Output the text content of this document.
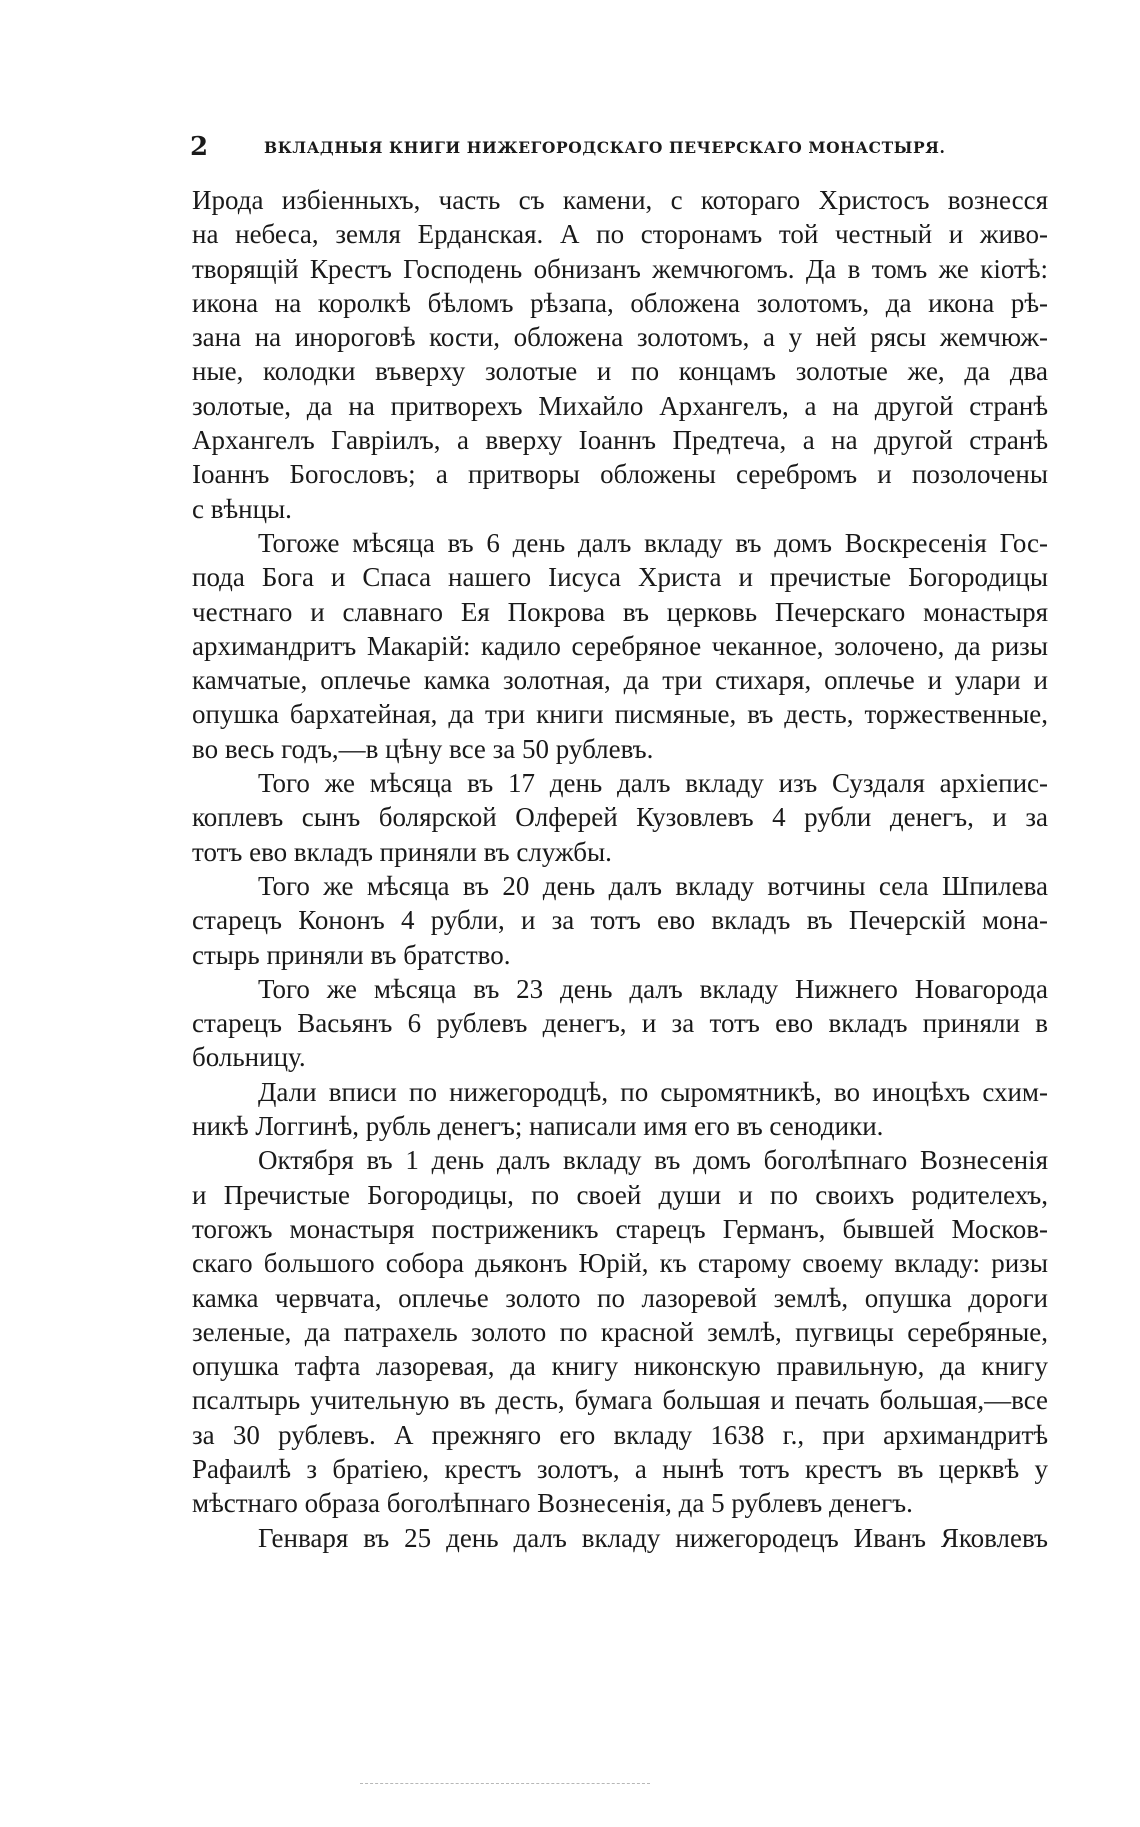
2	ВКЛАДНЫЯ КНИГИ НИЖЕГОРОДСКАГО ПЕЧЕРСКАГО МОНАСТЫРЯ.
Ирода избіенныхъ, часть съ камени, с котораго Христосъ вознесся
на небеса, земля Ерданская. А по сторонамъ той честный и живо-
творящій Крестъ Господень обнизанъ жемчюгомъ. Да в томъ же кіотѣ:
икона на королкѣ бѣломъ рѣзапа, обложена золотомъ, да икона рѣ-
зана на инороговѣ кости, обложена золотомъ, а у ней рясы жемчюж-
ные, колодки въверху золотые и по концамъ золотые же, да два
золотые, да на притворехъ Михайло Архангелъ, а на другой странѣ
Архангелъ Гавріилъ, а вверху Іоаннъ Предтеча, а на другой странѣ
Іоаннъ Богословъ; а притворы обложены серебромъ и позолочены
с вѣнцы.
Тогоже мѣсяца въ 6 день далъ вкладу въ домъ Воскресенія Гос-
пода Бога и Спаса нашего Іисуса Христа и пречистые Богородицы
честнаго и славнаго Ея Покрова въ церковь Печерскаго монастыря
архимандритъ Макарій: кадило серебряное чеканное, золочено, да ризы
камчатые, оплечье камка золотная, да три стихаря, оплечье и улари и
опушка бархатейная, да три книги писмяные, въ десть, торжественные,
во весь годъ,—в цѣну все за 50 рублевъ.
Того же мѣсяца въ 17 день далъ вкладу изъ Суздаля архіепис-
коплевъ сынъ болярской Олферей Кузовлевъ 4 рубли денегъ, и за
тотъ ево вкладъ приняли въ службы.
Того же мѣсяца въ 20 день далъ вкладу вотчины села Шпилева
старецъ Кононъ 4 рубли, и за тотъ ево вкладъ въ Печерскій мона-
стырь приняли въ братство.
Того же мѣсяца въ 23 день далъ вкладу Нижнего Новагорода
старецъ Васьянъ 6 рублевъ денегъ, и за тотъ ево вкладъ приняли в
больницу.
Дали вписи по нижегородцѣ, по сыромятникѣ, во иноцѣхъ схим-
никѣ Логгинѣ, рубль денегъ; написали имя его въ сенодики.
Октября въ 1 день далъ вкладу въ домъ боголѣпнаго Вознесенія
и Пречистые Богородицы, по своей души и по своихъ родителехъ,
тогожъ монастыря постриженикъ старецъ Германъ, бывшей Москов-
скаго большого собора дьяконъ Юрій, къ старому своему вкладу: ризы
камка червчата, оплечье золото по лазоревой землѣ, опушка дороги
зеленые, да патрахель золото по красной землѣ, пугвицы серебряные,
опушка тафта лазоревая, да книгу никонскую правильную, да книгу
псалтырь учительную въ десть, бумага большая и печать большая,—все
за 30 рублевъ. А прежняго его вкладу 1638 г., при архимандритѣ
Рафаилѣ з братіею, крестъ золотъ, а нынѣ тотъ крестъ въ церквѣ у
мѣстнаго образа боголѣпнаго Вознесенія, да 5 рублевъ денегъ.
Генваря въ 25 день далъ вкладу нижегородецъ Иванъ Яковлевъ
